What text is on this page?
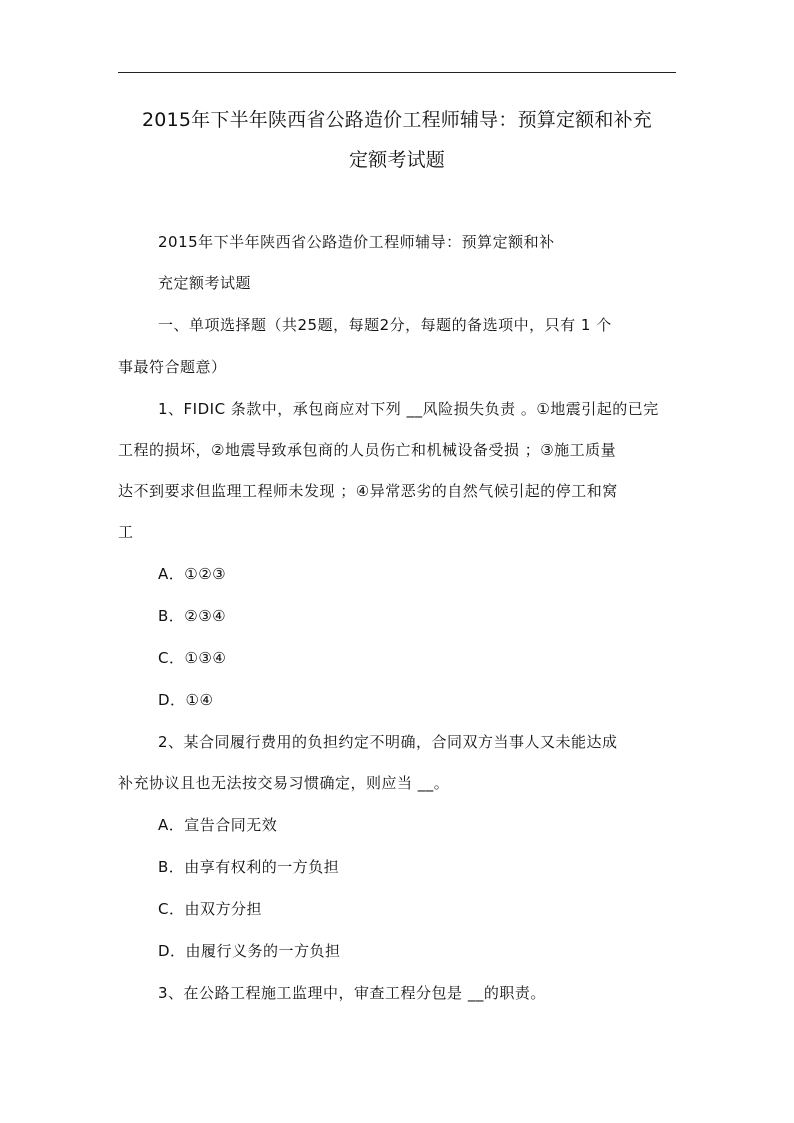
2015年下半年陕西省公路造价工程师辅导：预算定额和补充
定额考试题
2015年下半年陕西省公路造价工程师辅导：预算定额和补
充定额考试题
一、单项选择题（共25题，每题2分，每题的备选项中，只有 1 个
事最符合题意）
1、FIDIC 条款中，承包商应对下列 __风险损失负责 。①地震引起的已完
工程的损坏，②地震导致承包商的人员伤亡和机械设备受损 ；③施工质量
达不到要求但监理工程师未发现 ；④异常恶劣的自然气候引起的停工和窝
工
A．①②③
B．②③④
C．①③④
D．①④
2、某合同履行费用的负担约定不明确，合同双方当事人又未能达成
补充协议且也无法按交易习惯确定，则应当 __。
A．宣告合同无效
B．由享有权利的一方负担
C．由双方分担
D．由履行义务的一方负担
3、在公路工程施工监理中，审查工程分包是 __的职责。
